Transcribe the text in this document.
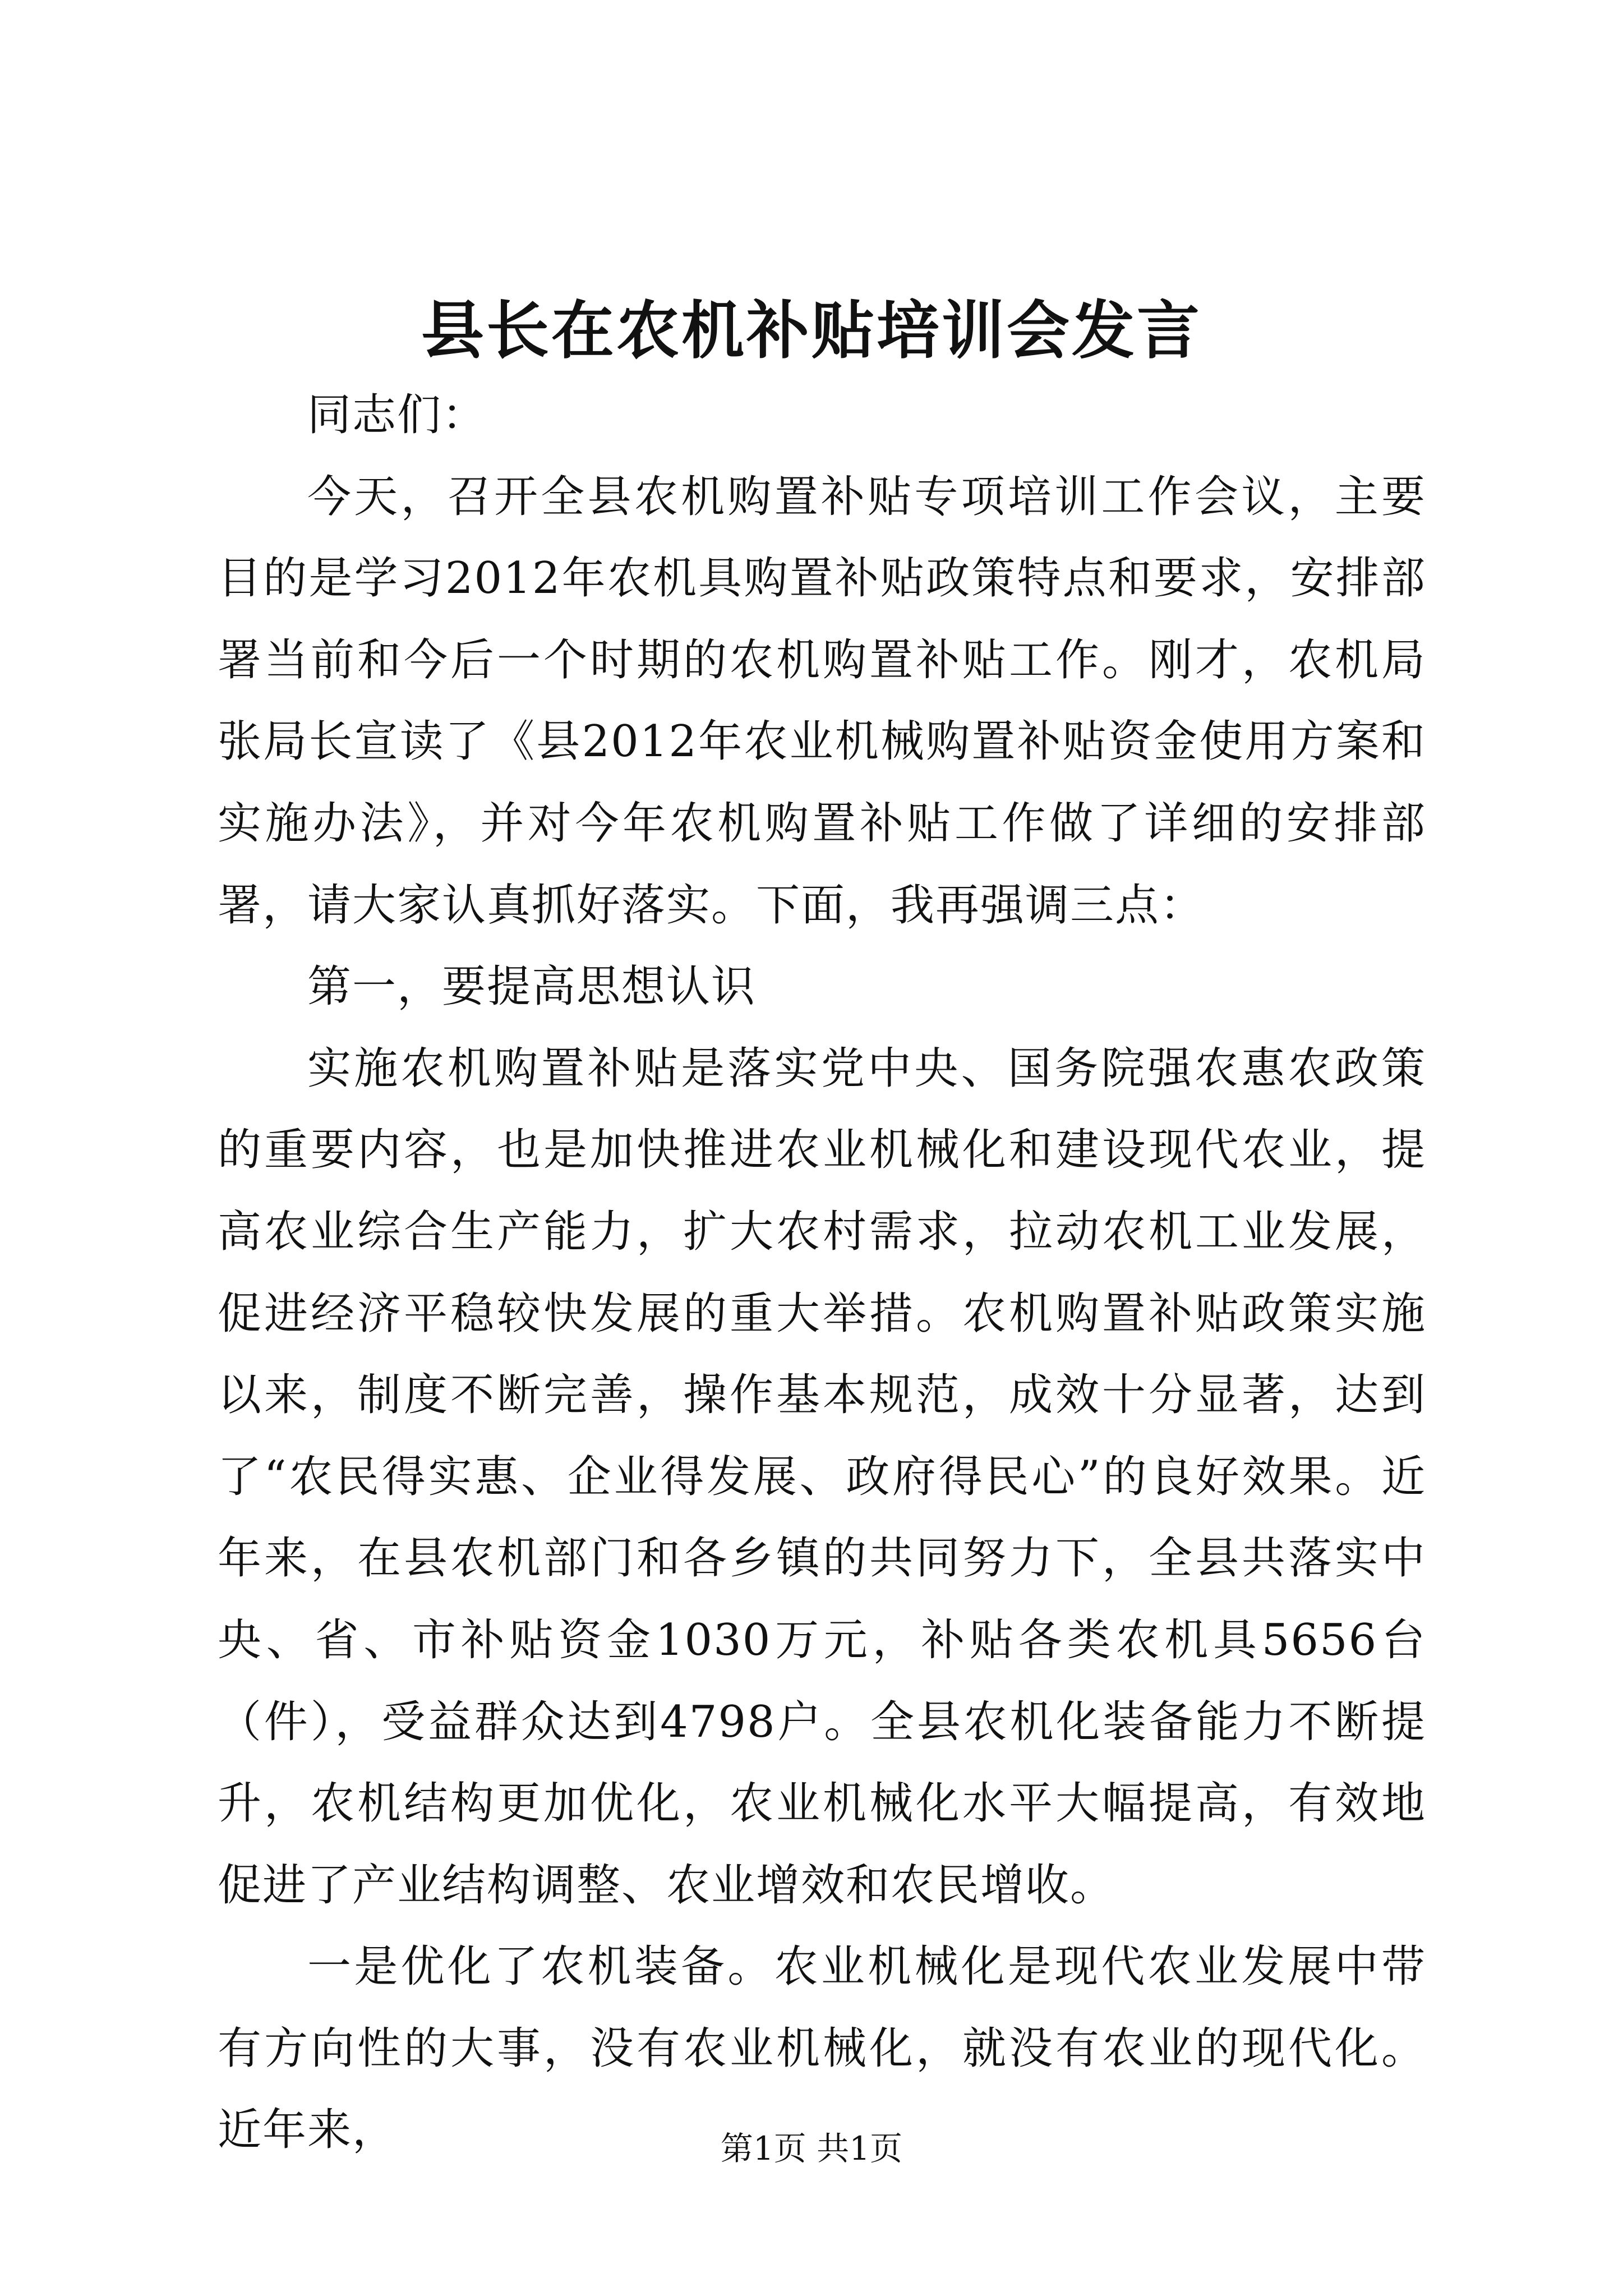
县长在农机补贴培训会发言

同志们：

今天，召开全县农机购置补贴专项培训工作会议，主要目的是学习2012年农机具购置补贴政策特点和要求，安排部署当前和今后一个时期的农机购置补贴工作。刚才，农机局张局长宣读了《县2012年农业机械购置补贴资金使用方案和实施办法》，并对今年农机购置补贴工作做了详细的安排部署，请大家认真抓好落实。下面，我再强调三点：

第一，要提高思想认识

实施农机购置补贴是落实党中央、国务院强农惠农政策的重要内容，也是加快推进农业机械化和建设现代农业，提高农业综合生产能力，扩大农村需求，拉动农机工业发展，促进经济平稳较快发展的重大举措。农机购置补贴政策实施以来，制度不断完善，操作基本规范，成效十分显著，达到了“农民得实惠、企业得发展、政府得民心”的良好效果。近年来，在县农机部门和各乡镇的共同努力下，全县共落实中央、省、市补贴资金1030万元，补贴各类农机具5656台（件），受益群众达到4798户。全县农机化装备能力不断提升，农机结构更加优化，农业机械化水平大幅提高，有效地促进了产业结构调整、农业增效和农民增收。

一是优化了农机装备。农业机械化是现代农业发展中带有方向性的大事，没有农业机械化，就没有农业的现代化。近年来，	第1页 共1页
